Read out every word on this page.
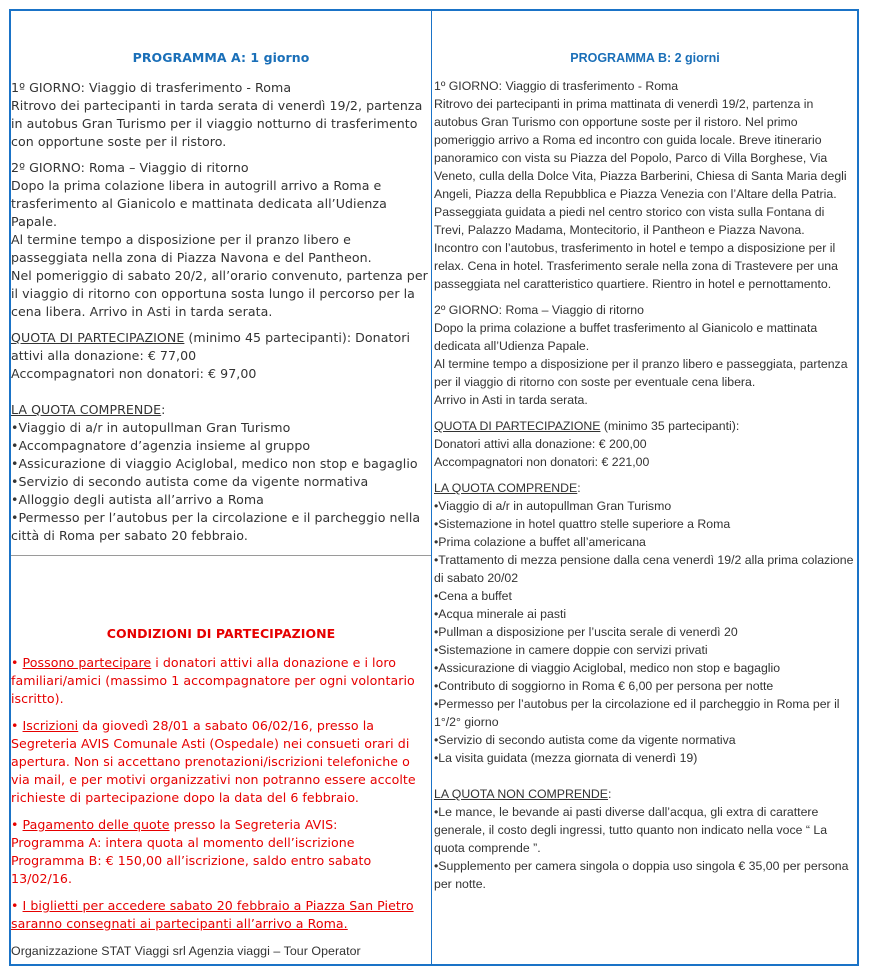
PROGRAMMA A: 1 giorno
1º GIORNO: Viaggio di trasferimento - Roma
Ritrovo dei partecipanti in tarda serata di venerdì 19/2, partenza in autobus Gran Turismo per il viaggio notturno di trasferimento con opportune soste per il ristoro.
2º GIORNO: Roma – Viaggio di ritorno
Dopo la prima colazione libera in autogrill arrivo a Roma e trasferimento al Gianicolo e mattinata dedicata all’Udienza Papale.
Al termine tempo a disposizione per il pranzo libero e passeggiata nella zona di Piazza Navona e del Pantheon.
Nel pomeriggio di sabato 20/2, all’orario convenuto, partenza per il viaggio di ritorno con opportuna sosta lungo il percorso per la cena libera. Arrivo in Asti in tarda serata.
QUOTA DI PARTECIPAZIONE (minimo 45 partecipanti): Donatori attivi alla donazione: € 77,00
Accompagnatori non donatori: € 97,00
LA QUOTA COMPRENDE:
•Viaggio di a/r in autopullman Gran Turismo
•Accompagnatore d’agenzia insieme al gruppo
•Assicurazione di viaggio Aciglobal, medico non stop e bagaglio
•Servizio di secondo autista come da vigente normativa
•Alloggio degli autista all’arrivo a Roma
•Permesso per l’autobus per la circolazione e il parcheggio nella città di Roma per sabato 20 febbraio.
CONDIZIONI DI PARTECIPAZIONE
• Possono partecipare i donatori attivi alla donazione e i loro familiari/amici (massimo 1 accompagnatore per ogni volontario iscritto).
• Iscrizioni da giovedì 28/01 a sabato 06/02/16, presso la Segreteria AVIS Comunale Asti (Ospedale) nei consueti orari di apertura. Non si accettano prenotazioni/iscrizioni telefoniche o via mail, e per motivi organizzativi non potranno essere accolte richieste di partecipazione dopo la data del 6 febbraio.
• Pagamento delle quote presso la Segreteria AVIS:
Programma A: intera quota al momento dell’iscrizione
Programma B: € 150,00 all’iscrizione, saldo entro sabato 13/02/16.
• I biglietti per accedere sabato 20 febbraio a Piazza San Pietro saranno consegnati ai partecipanti all’arrivo a Roma.
Organizzazione STAT Viaggi srl Agenzia viaggi – Tour Operator
PROGRAMMA B: 2 giorni
1º GIORNO: Viaggio di trasferimento - Roma
Ritrovo dei partecipanti in prima mattinata di venerdì 19/2, partenza in autobus Gran Turismo con opportune soste per il ristoro. Nel primo pomeriggio arrivo a Roma ed incontro con guida locale. Breve itinerario panoramico con vista su Piazza del Popolo, Parco di Villa Borghese, Via Veneto, culla della Dolce Vita, Piazza Barberini, Chiesa di Santa Maria degli Angeli, Piazza della Repubblica e Piazza Venezia con l’Altare della Patria. Passeggiata guidata a piedi nel centro storico con vista sulla Fontana di Trevi, Palazzo Madama, Montecitorio, il Pantheon e Piazza Navona.
Incontro con l’autobus, trasferimento in hotel e tempo a disposizione per il relax. Cena in hotel. Trasferimento serale nella zona di Trastevere per una passeggiata nel caratteristico quartiere. Rientro in hotel e pernottamento.
2º GIORNO: Roma – Viaggio di ritorno
Dopo la prima colazione a buffet trasferimento al Gianicolo e mattinata dedicata all’Udienza Papale.
Al termine tempo a disposizione per il pranzo libero e passeggiata, partenza per il viaggio di ritorno con soste per eventuale cena libera.
Arrivo in Asti in tarda serata.
QUOTA DI PARTECIPAZIONE (minimo 35 partecipanti):
Donatori attivi alla donazione: € 200,00
Accompagnatori non donatori: € 221,00
LA QUOTA COMPRENDE:
•Viaggio di a/r in autopullman Gran Turismo
•Sistemazione in hotel quattro stelle superiore a Roma
•Prima colazione a buffet all’americana
•Trattamento di mezza pensione dalla cena venerdì 19/2 alla prima colazione di sabato 20/02
•Cena a buffet
•Acqua minerale ai pasti
•Pullman a disposizione per l’uscita serale di venerdì 20
•Sistemazione in camere doppie con servizi privati
•Assicurazione di viaggio Aciglobal, medico non stop e bagaglio
•Contributo di soggiorno in Roma € 6,00 per persona per notte
•Permesso per l’autobus per la circolazione ed il parcheggio in Roma per il 1°/2° giorno
•Servizio di secondo autista come da vigente normativa
•La visita guidata (mezza giornata di venerdì 19)
LA QUOTA NON COMPRENDE:
•Le mance, le bevande ai pasti diverse dall’acqua, gli extra di carattere generale, il costo degli ingressi, tutto quanto non indicato nella voce “ La quota comprende ”.
•Supplemento per camera singola o doppia uso singola € 35,00 per persona per notte.
